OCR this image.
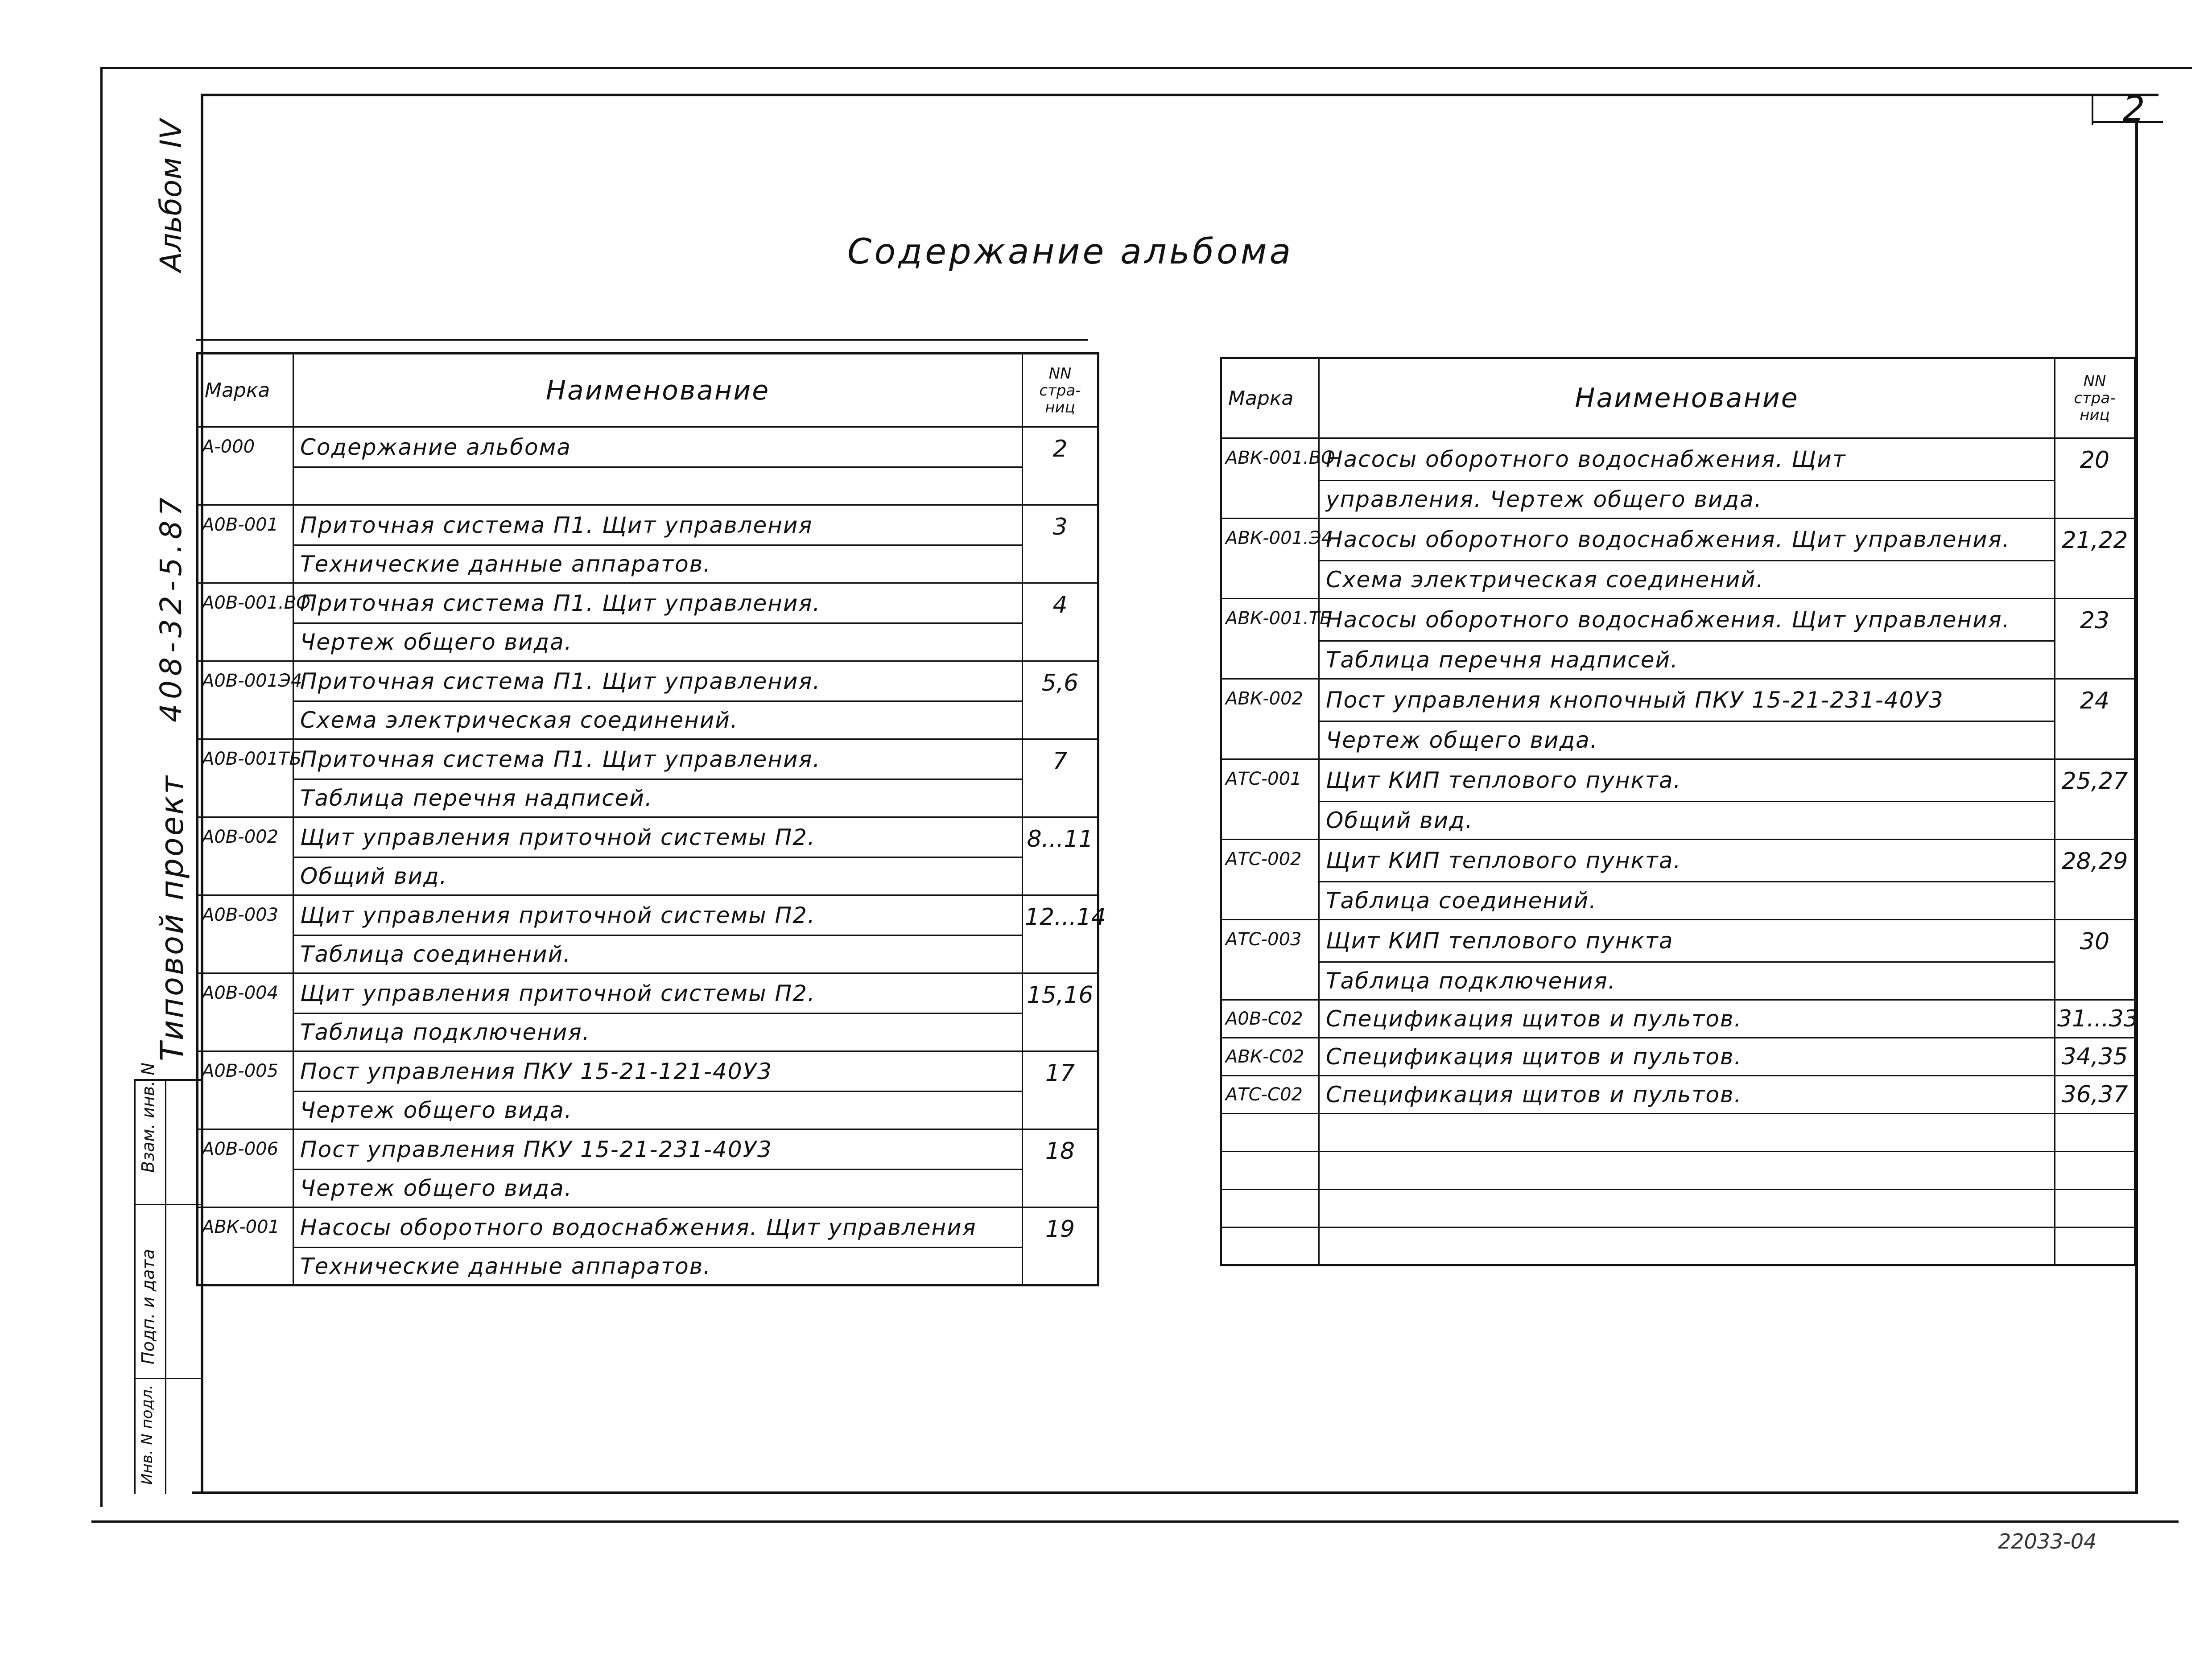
Содержание альбома
2
22033-04
Альбом IV
408-32-5.87
Типовой проект
Взам. инв. N
Подп. и дата
Инв. N подл.
Марка	Наименование	NN стра- ниц
А-000	Содержание альбома	2

А0В-001	Приточная система П1. Щит управления	3
	Технические данные аппаратов.	
А0В-001.ВО	Приточная система П1. Щит управления.	4
	Чертеж общего вида.	
А0В-001Э4	Приточная система П1. Щит управления.	5,6
	Схема электрическая соединений.	
А0В-001ТБ	Приточная система П1. Щит управления.	7
	Таблица перечня надписей.	
А0В-002	Щит управления приточной системы П2.	8...11
	Общий вид.	
А0В-003	Щит управления приточной системы П2.	12...14
	Таблица соединений.	
А0В-004	Щит управления приточной системы П2.	15,16
	Таблица подключения.	
А0В-005	Пост управления ПКУ 15-21-121-40У3	17
	Чертеж общего вида.	
А0В-006	Пост управления ПКУ 15-21-231-40У3	18
	Чертеж общего вида.	
АВК-001	Насосы оборотного водоснабжения. Щит управления	19
	Технические данные аппаратов.	
Марка	Наименование	NN стра- ниц
АВК-001.ВО	Насосы оборотного водоснабжения. Щит	20
	управления. Чертеж общего вида.	
АВК-001.Э4	Насосы оборотного водоснабжения. Щит управления.	21,22
	Схема электрическая соединений.	
АВК-001.ТБ	Насосы оборотного водоснабжения. Щит управления.	23
	Таблица перечня надписей.	
АВК-002	Пост управления кнопочный ПКУ 15-21-231-40У3	24
	Чертеж общего вида.	
АТС-001	Щит КИП теплового пункта.	25,27
	Общий вид.	
АТС-002	Щит КИП теплового пункта.	28,29
	Таблица соединений.	
АТС-003	Щит КИП теплового пункта	30
	Таблица подключения.	
А0В-С02	Спецификация щитов и пультов.	31...33
АВК-С02	Спецификация щитов и пультов.	34,35
АТС-С02	Спецификация щитов и пультов.	36,37
